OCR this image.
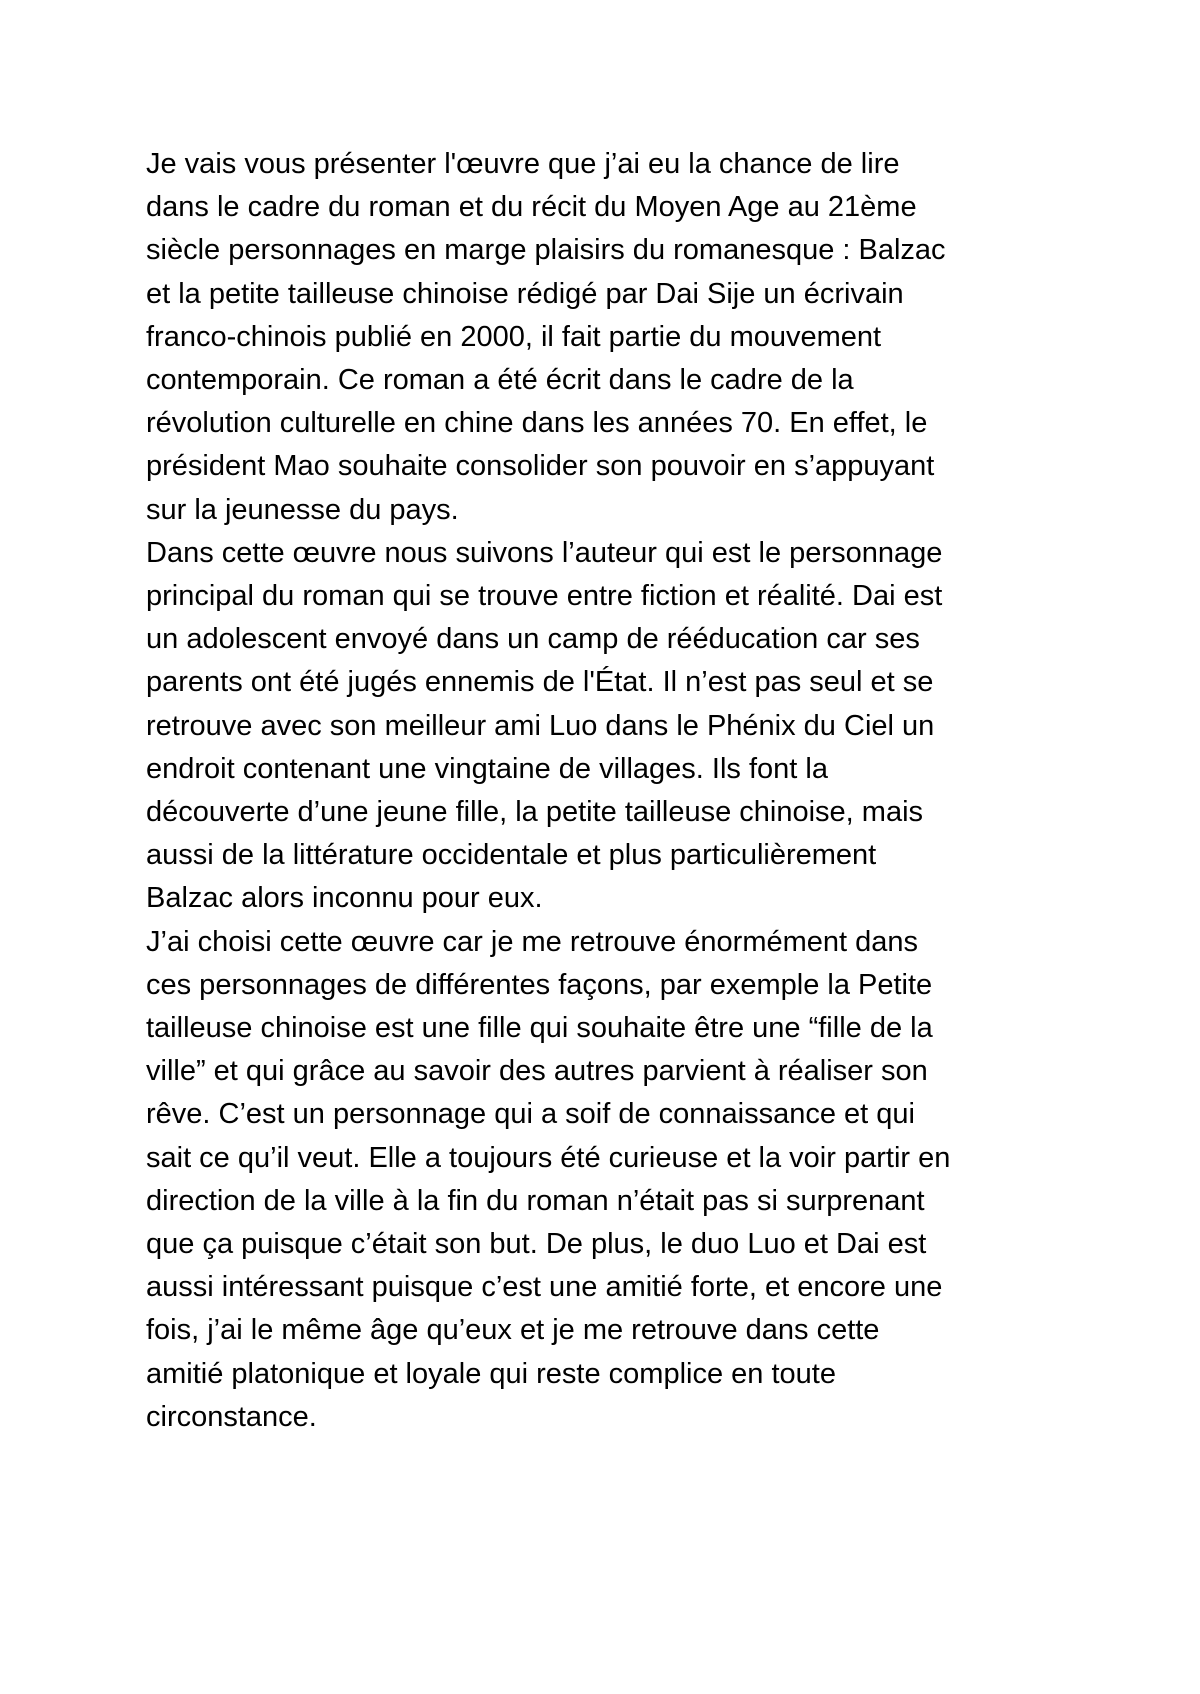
Je vais vous présenter l'œuvre que j’ai eu la chance de lire
dans le cadre du roman et du récit du Moyen Age au 21ème
siècle personnages en marge plaisirs du romanesque : Balzac
et la petite tailleuse chinoise rédigé par Dai Sije un écrivain
franco-chinois publié en 2000, il fait partie du mouvement
contemporain. Ce roman a été écrit dans le cadre de la
révolution culturelle en chine dans les années 70. En effet, le
président Mao souhaite consolider son pouvoir en s’appuyant
sur la jeunesse du pays.
Dans cette œuvre nous suivons l’auteur qui est le personnage
principal du roman qui se trouve entre fiction et réalité. Dai est
un adolescent envoyé dans un camp de rééducation car ses
parents ont été jugés ennemis de l'État. Il n’est pas seul et se
retrouve avec son meilleur ami Luo dans le Phénix du Ciel un
endroit contenant une vingtaine de villages. Ils font la
découverte d’une jeune fille, la petite tailleuse chinoise, mais
aussi de la littérature occidentale et plus particulièrement
Balzac alors inconnu pour eux.
J’ai choisi cette œuvre car je me retrouve énormément dans
ces personnages de différentes façons, par exemple la Petite
tailleuse chinoise est une fille qui souhaite être une “fille de la
ville” et qui grâce au savoir des autres parvient à réaliser son
rêve. C’est un personnage qui a soif de connaissance et qui
sait ce qu’il veut. Elle a toujours été curieuse et la voir partir en
direction de la ville à la fin du roman n’était pas si surprenant
que ça puisque c’était son but. De plus, le duo Luo et Dai est
aussi intéressant puisque c’est une amitié forte, et encore une
fois, j’ai le même âge qu’eux et je me retrouve dans cette
amitié platonique et loyale qui reste complice en toute
circonstance.
